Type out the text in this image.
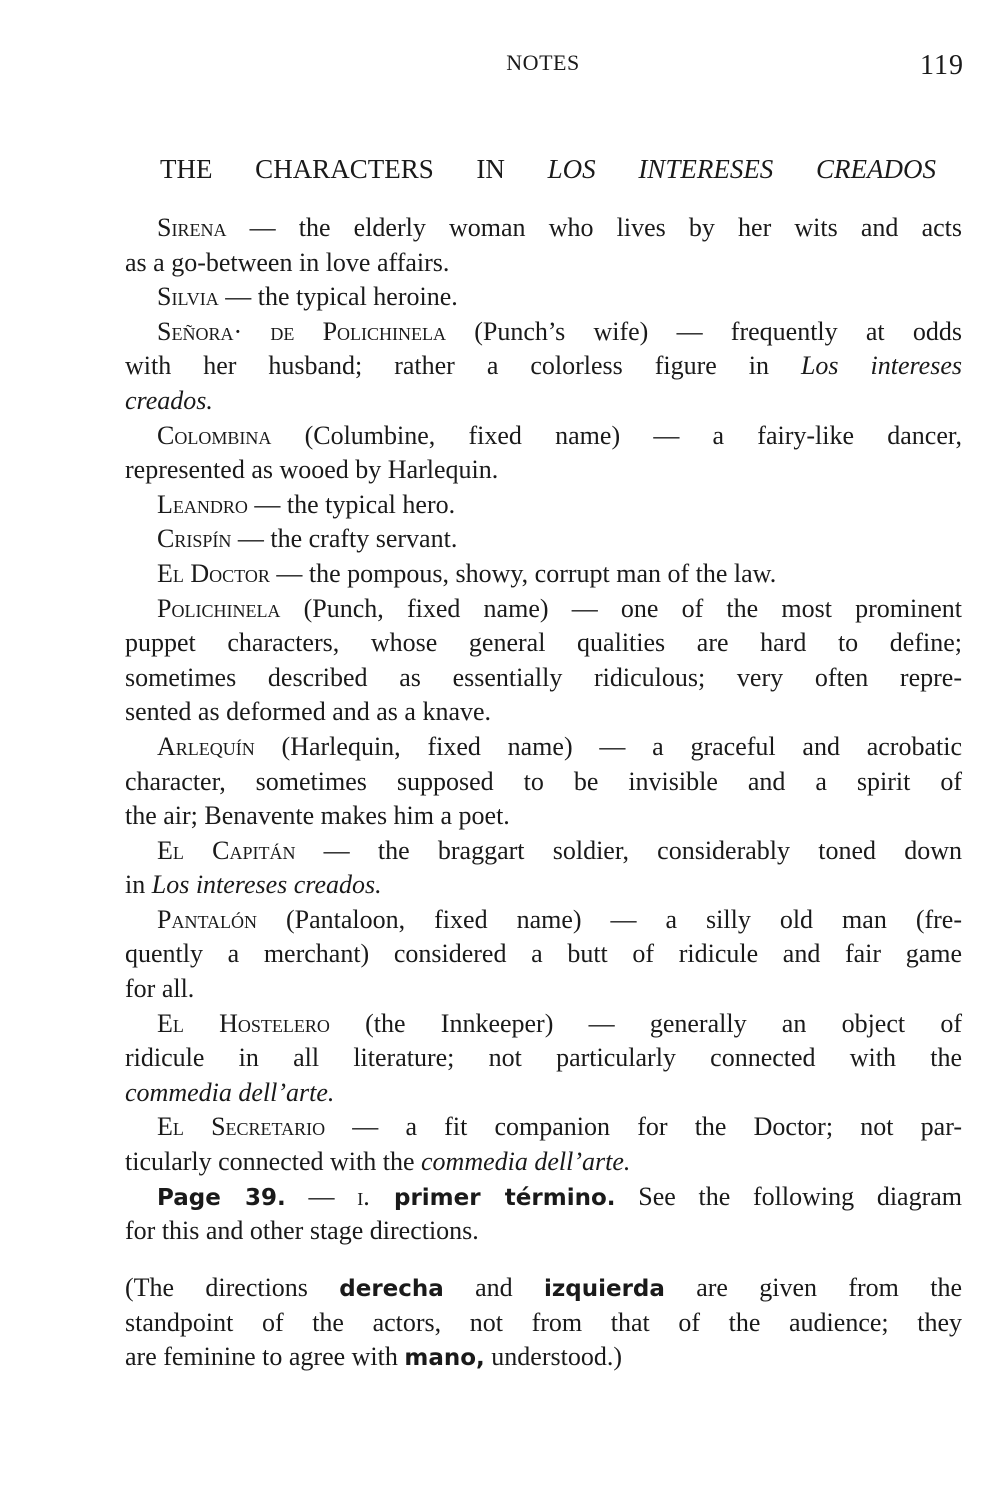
NOTES	119
THE CHARACTERS IN LOS INTERESES CREADOS
Sirena — the elderly woman who lives by her wits and acts
as a go-between in love affairs.
Silvia — the typical heroine.
Señora· de Polichinela (Punch’s wife) — frequently at odds
with her husband; rather a colorless figure in Los intereses
creados.
Colombina (Columbine, fixed name) — a fairy-like dancer,
represented as wooed by Harlequin.
Leandro — the typical hero.
Crispín — the crafty servant.
El Doctor — the pompous, showy, corrupt man of the law.
Polichinela (Punch, fixed name) — one of the most prominent
puppet characters, whose general qualities are hard to define;
sometimes described as essentially ridiculous; very often repre-
sented as deformed and as a knave.
Arlequín (Harlequin, fixed name) — a graceful and acrobatic
character, sometimes supposed to be invisible and a spirit of
the air; Benavente makes him a poet.
El Capitán — the braggart soldier, considerably toned down
in Los intereses creados.
Pantalón (Pantaloon, fixed name) — a silly old man (fre-
quently a merchant) considered a butt of ridicule and fair game
for all.
El Hostelero (the Innkeeper) — generally an object of
ridicule in all literature; not particularly connected with the
commedia dell’arte.
El Secretario — a fit companion for the Doctor; not par-
ticularly connected with the commedia dell’arte.
Page 39. — i. primer término. See the following diagram
for this and other stage directions.
(The directions derecha and izquierda are given from the
standpoint of the actors, not from that of the audience; they
are feminine to agree with mano, understood.)
